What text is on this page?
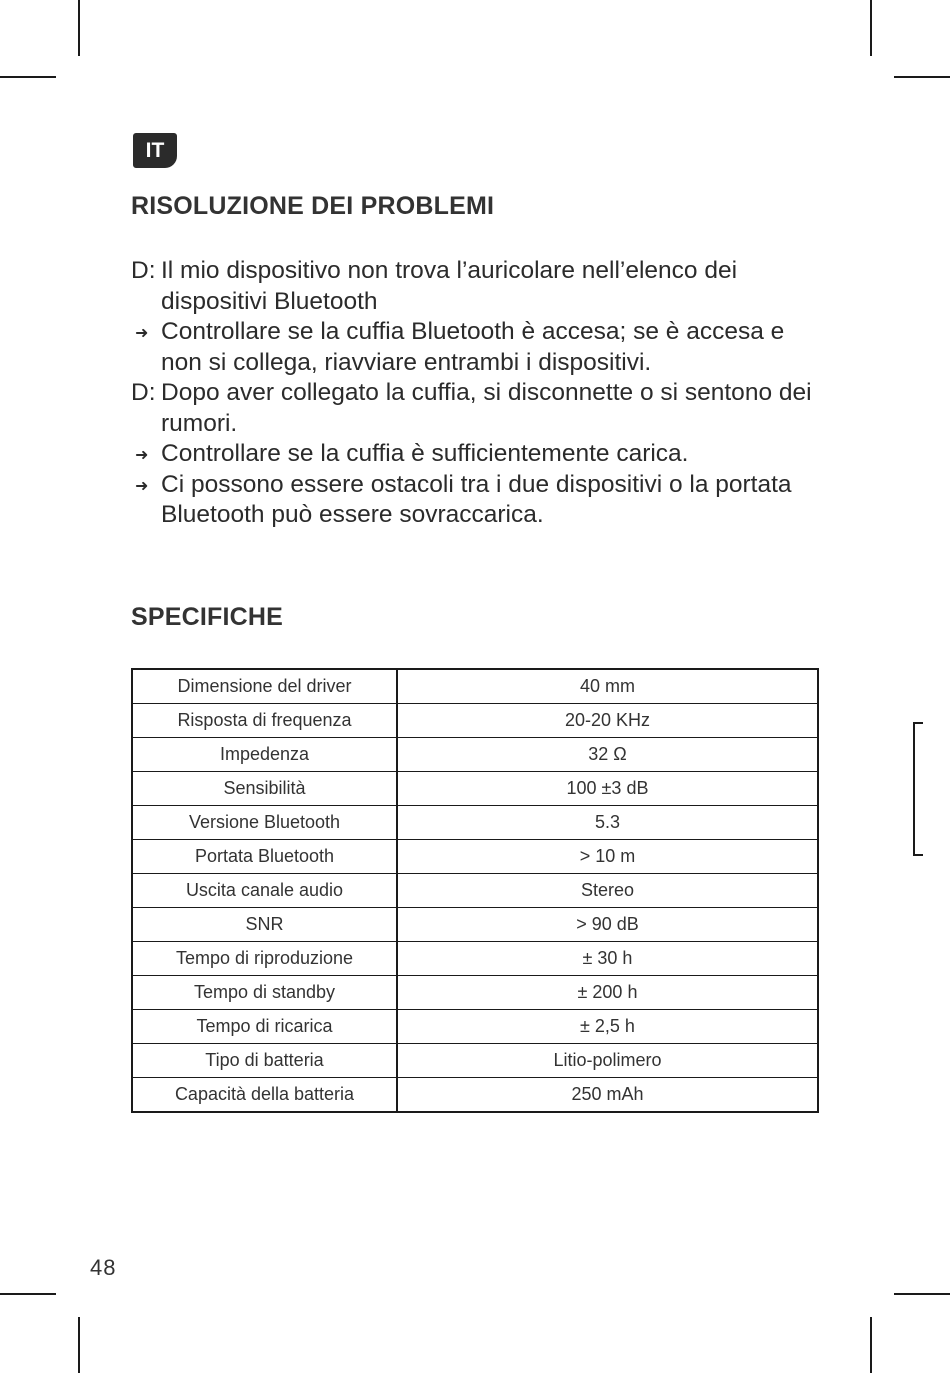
IT
RISOLUZIONE DEI PROBLEMI
D: Il mio dispositivo non trova l’auricolare nell’elenco dei dispositivi Bluetooth
➜ Controllare se la cuffia Bluetooth è accesa; se è accesa e non si collega, riavviare entrambi i dispositivi.
D: Dopo aver collegato la cuffia, si disconnette o si sentono dei rumori.
➜ Controllare se la cuffia è sufficientemente carica.
➜ Ci possono essere ostacoli tra i due dispositivi o la portata Bluetooth può essere sovraccarica.
SPECIFICHE
Dimensione del driver	40 mm
Risposta di frequenza	20-20 KHz
Impedenza	32 Ω
Sensibilità	100 ±3 dB
Versione Bluetooth	5.3
Portata Bluetooth	> 10 m
Uscita canale audio	Stereo
SNR	> 90 dB
Tempo di riproduzione	± 30 h
Tempo di standby	± 200 h
Tempo di ricarica	± 2,5 h
Tipo di batteria	Litio-polimero
Capacità della batteria	250 mAh
48
